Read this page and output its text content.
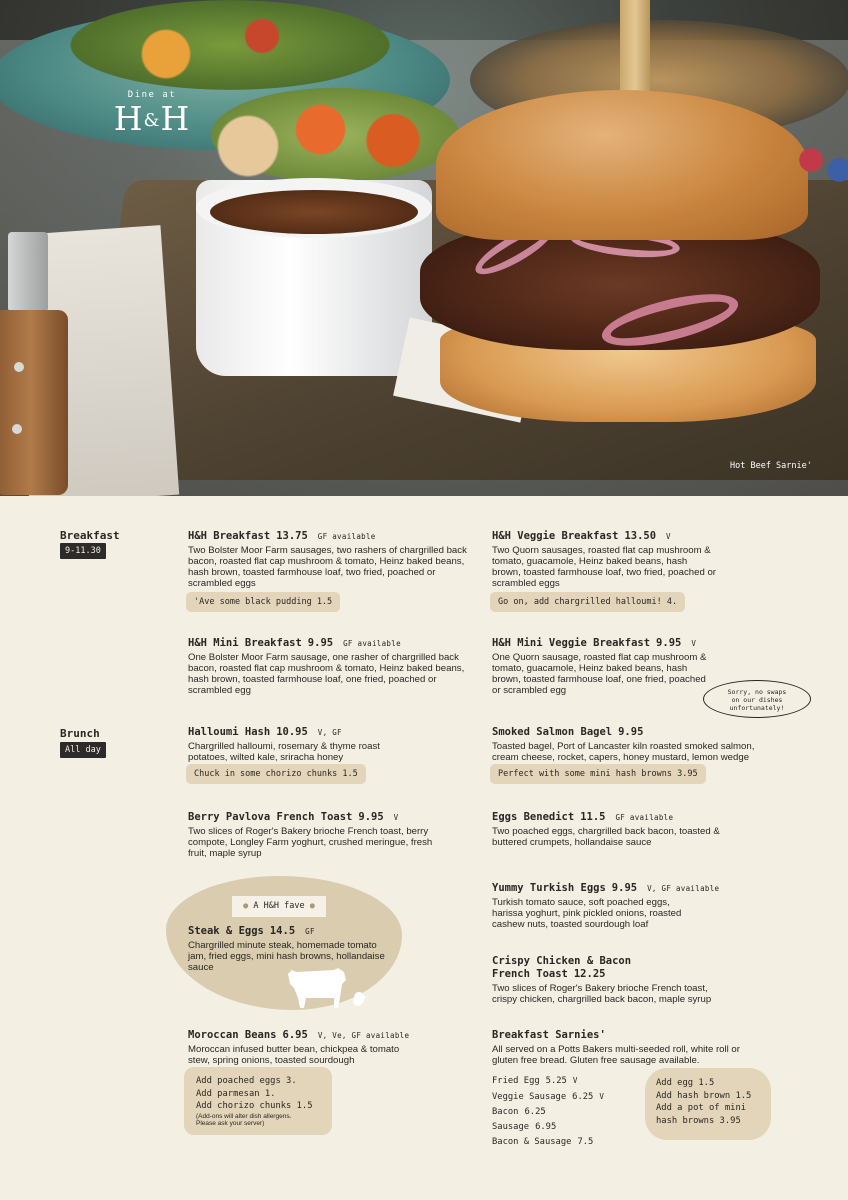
Dine at
H&H
Hot Beef Sarnie'
Breakfast
9-11.30
Brunch
All day
H&H Breakfast 13.75 GF available
Two Bolster Moor Farm sausages, two rashers of chargrilled back bacon, roasted flat cap mushroom & tomato, Heinz baked beans, hash brown, toasted farmhouse loaf, two fried, poached or scrambled eggs
'Ave some black pudding 1.5
H&H Mini Breakfast 9.95 GF available
One Bolster Moor Farm sausage, one rasher of chargrilled back bacon, roasted flat cap mushroom & tomato, Heinz baked beans, hash brown, toasted farmhouse loaf, one fried, poached or scrambled egg
Halloumi Hash 10.95 V, GF
Chargrilled halloumi, rosemary & thyme roast potatoes, wilted kale, sriracha honey
Chuck in some chorizo chunks 1.5
Berry Pavlova French Toast 9.95 V
Two slices of Roger's Bakery brioche French toast, berry compote, Longley Farm yoghurt, crushed meringue, fresh fruit, maple syrup
● A H&H fave ●
Steak & Eggs 14.5 GF
Chargrilled minute steak, homemade tomato jam, fried eggs, mini hash browns, hollandaise sauce
Moroccan Beans 6.95 V, Ve, GF available
Moroccan infused butter bean, chickpea & tomato stew, spring onions, toasted sourdough
Add poached eggs 3.
Add parmesan 1.
Add chorizo chunks 1.5
(Add-ons will alter dish allergens.
Please ask your server)
H&H Veggie Breakfast 13.50 V
Two Quorn sausages, roasted flat cap mushroom & tomato, guacamole, Heinz baked beans, hash brown, toasted farmhouse loaf, two fried, poached or scrambled eggs
Go on, add chargrilled halloumi! 4.
H&H Mini Veggie Breakfast 9.95 V
One Quorn sausage, roasted flat cap mushroom & tomato, guacamole, Heinz baked beans, hash brown, toasted farmhouse loaf, one fried, poached or scrambled egg	Sorry, no swaps
on our dishes
unfortunately!
Smoked Salmon Bagel 9.95
Toasted bagel, Port of Lancaster kiln roasted smoked salmon, cream cheese, rocket, capers, honey mustard, lemon wedge
Perfect with some mini hash browns 3.95
Eggs Benedict 11.5 GF available
Two poached eggs, chargrilled back bacon, toasted & buttered crumpets, hollandaise sauce
Yummy Turkish Eggs 9.95 V, GF available
Turkish tomato sauce, soft poached eggs, harissa yoghurt, pink pickled onions, roasted cashew nuts, toasted sourdough loaf
Crispy Chicken & Bacon
French Toast 12.25
Two slices of Roger's Bakery brioche French toast, crispy chicken, chargrilled back bacon, maple syrup
Breakfast Sarnies'
All served on a Potts Bakers multi-seeded roll, white roll or gluten free bread. Gluten free sausage available.
Fried Egg 5.25 V
Veggie Sausage 6.25 V
Bacon 6.25
Sausage 6.95
Bacon & Sausage 7.5
Add egg 1.5
Add hash brown 1.5
Add a pot of mini
hash browns 3.95
